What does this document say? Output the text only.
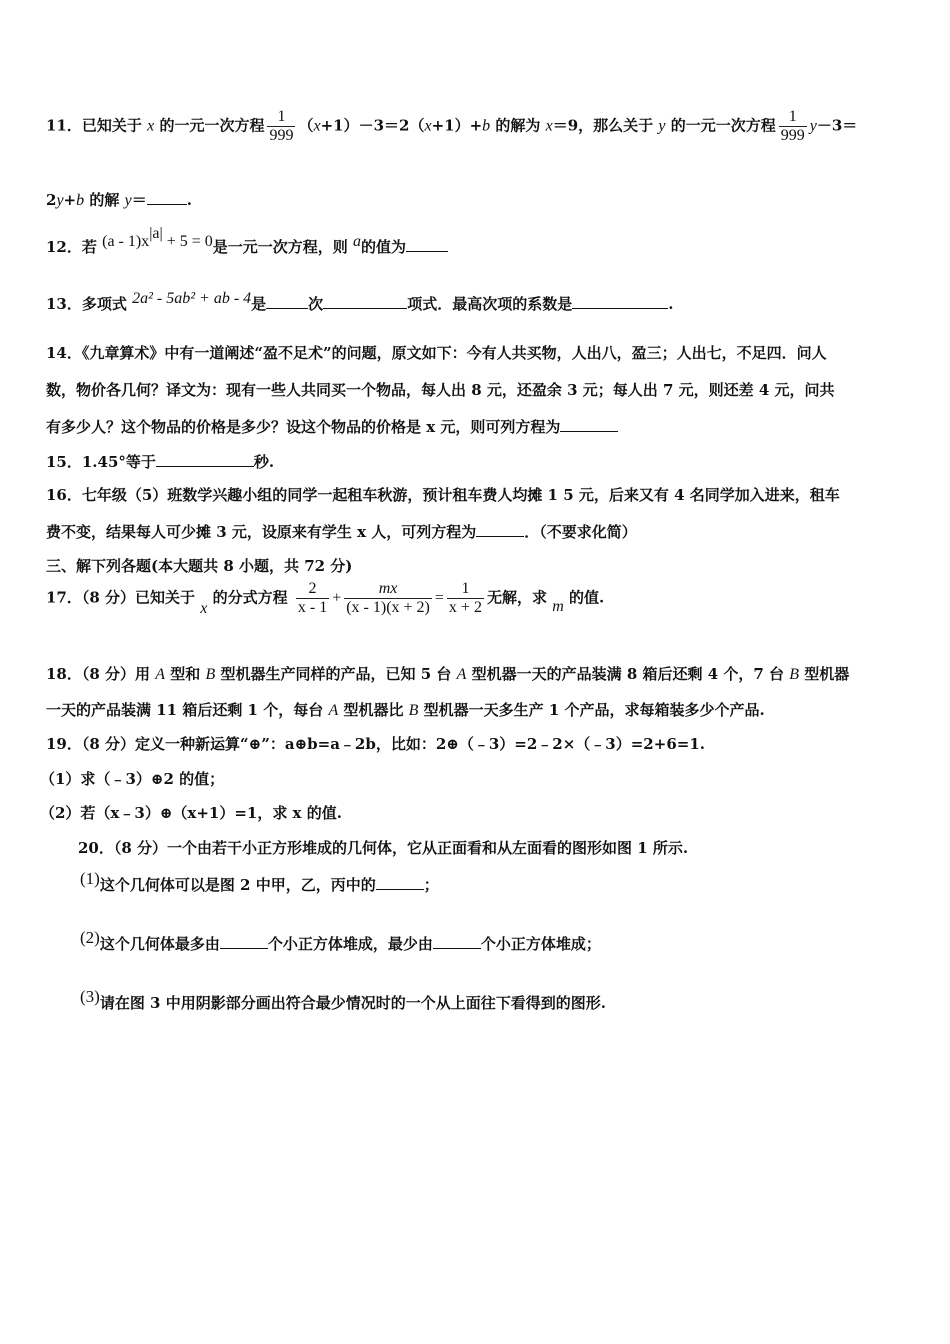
11．已知关于 x 的一元一次方程 $\frac{1}{999} (x+1)-3=2(x+1)+b$ 的解为 x＝9，那么关于 y 的一元一次方程 $\frac{1}{999} y-3=$
2y+b 的解 y＝	.
12．若 $(a - 1)x^{|a|} + 5 = 0$是一元一次方程，则 a的值为
13．多项式 2a² - 5ab² + ab - 4是	次	项式．最高次项的系数是	.
14．《九章算术》中有一道阐述“盈不足术”的问题，原文如下：今有人共买物，人出八，盈三；人出七，不足四．问人
数，物价各几何？译文为：现有一些人共同买一个物品，每人出 8 元，还盈余 3 元；每人出 7 元，则还差 4 元，问共
有多少人？这个物品的价格是多少？设这个物品的价格是 x 元，则可列方程为
15．1.45°等于	秒.
16．七年级（5）班数学兴趣小组的同学一起租车秋游，预计租车费人均摊 1 5 元，后来又有 4 名同学加入进来，租车
费不变，结果每人可少摊 3 元，设原来有学生 x 人，可列方程为	．（不要求化简）
三、解下列各题(本大题共 8 小题，共 72 分)
17．（8 分）已知关于 x 的分式方程 $\frac{2}{x - 1} + \frac{mx}{(x - 1)(x + 2)} = \frac{1}{x + 2}$ 无解，求 m 的值.
18．（8 分）用 A 型和 B 型机器生产同样的产品，已知 5 台 A 型机器一天的产品装满 8 箱后还剩 4 个，7 台 B 型机器
一天的产品装满 11 箱后还剩 1 个，每台 A 型机器比 B 型机器一天多生产 1 个产品，求每箱装多少个产品.
19．（8 分）定义一种新运算“⊕”：a⊕b=a﹣2b，比如：2⊕（﹣3）=2﹣2×（﹣3）=2+6=1.
（1）求（﹣3）⊕2 的值；
（2）若（x﹣3）⊕（x+1）=1，求 x 的值.
20．（8 分）一个由若干小正方形堆成的几何体，它从正面看和从左面看的图形如图 1 所示.
(1)这个几何体可以是图 2 中甲，乙，丙中的	；
(2)这个几何体最多由	个小正方体堆成，最少由	个小正方体堆成；
(3)请在图 3 中用阴影部分画出符合最少情况时的一个从上面往下看得到的图形.
